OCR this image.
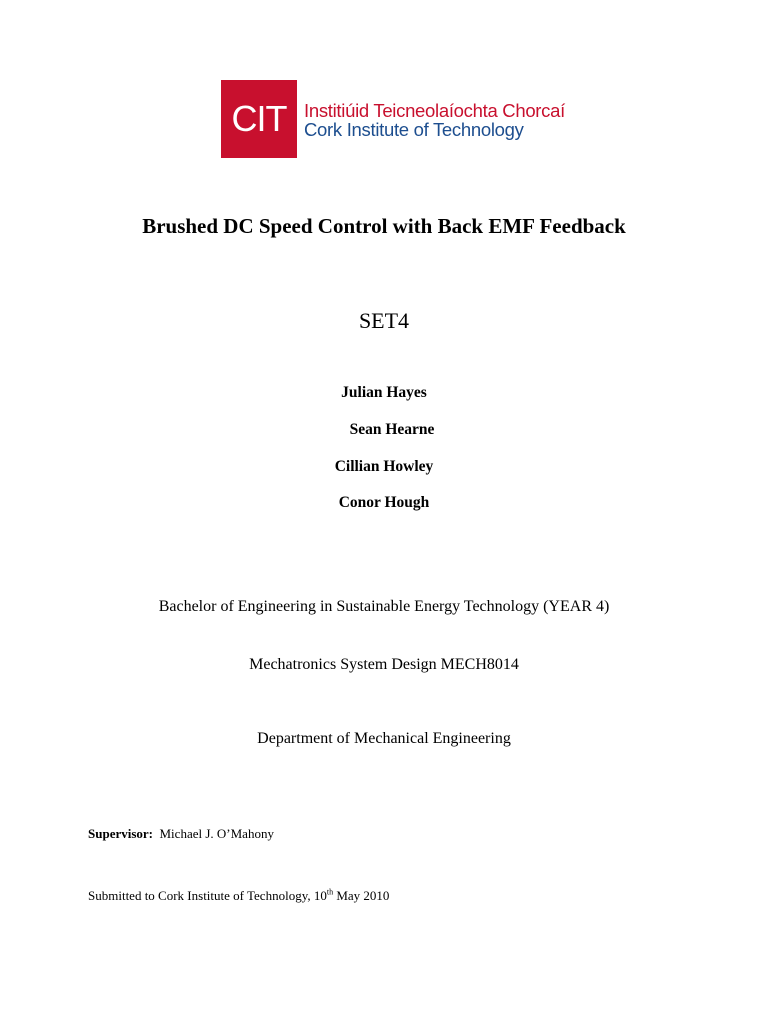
CIT Institiúid Teicneolaíochta Chorcaí
Cork Institute of Technology
Brushed DC Speed Control with Back EMF Feedback
SET4
Julian Hayes
Sean Hearne
Cillian Howley
Conor Hough
Bachelor of Engineering in Sustainable Energy Technology (YEAR 4)
Mechatronics System Design MECH8014
Department of Mechanical Engineering
Supervisor: Michael J. O’Mahony
Submitted to Cork Institute of Technology, 10th May 2010
